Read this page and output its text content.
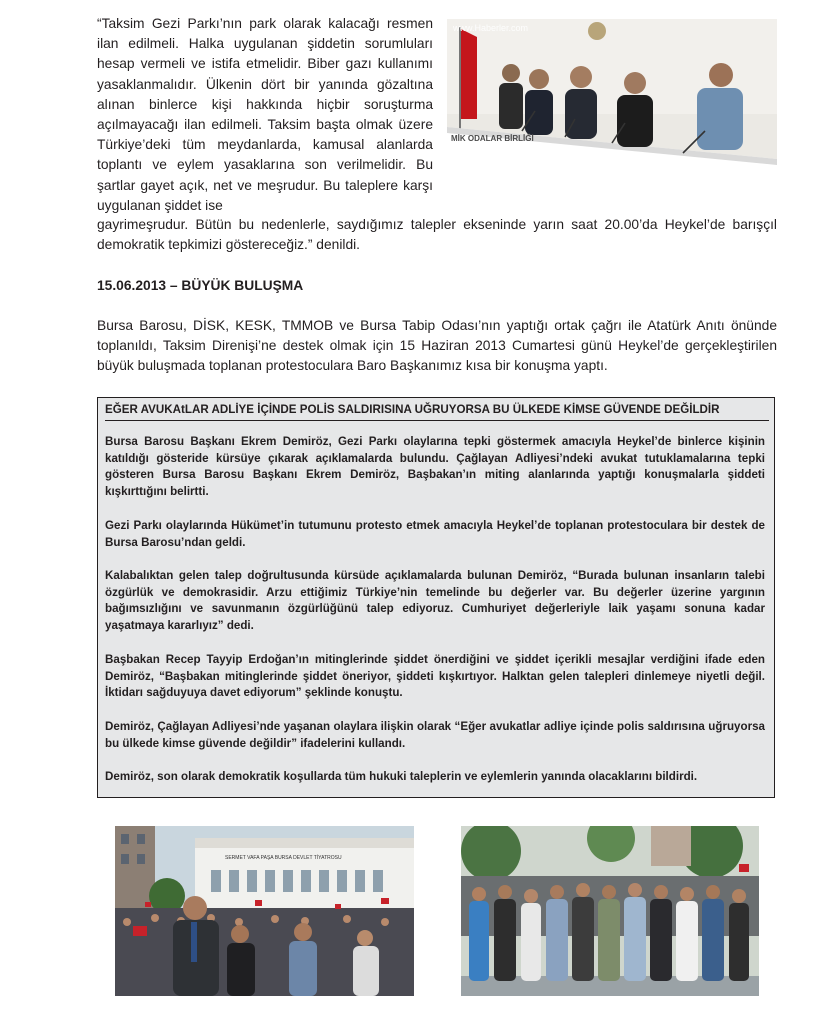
“Taksim Gezi Parkı’nın park olarak kalacağı resmen ilan edilmeli. Halka uygulanan şiddetin sorumluları hesap vermeli ve istifa etmelidir. Biber gazı kullanımı yasaklanmalıdır. Ülkenin dört bir yanında gözaltına alınan binlerce kişi hakkında hiçbir soruşturma açılmayacağı ilan edilmeli. Taksim başta olmak üzere Türkiye’deki tüm meydanlarda, kamusal alanlarda toplantı ve eylem yasaklarına son verilmelidir. Bu şartlar gayet açık, net ve meşrudur. Bu taleplere karşı uygulanan şiddet ise

gayrimeşrudur. Bütün bu nedenlerle, saydığımız talepler ekseninde yarın saat 20.00’da Heykel’de barışçıl demokratik tepkimizi göstereceğiz.” denildi.

MİK ODALAR BİRLİĞİ
www.Haberler.com
(C) CİHAN
15.06.2013 – BÜYÜK BULUŞMA

Bursa Barosu, DİSK, KESK, TMMOB ve Bursa Tabip Odası’nın yaptığı ortak çağrı ile Atatürk Anıtı önünde toplanıldı, Taksim Direnişi’ne destek olmak için 15 Haziran 2013 Cumartesi günü Heykel’de gerçekleştirilen büyük buluşmada toplanan protestoculara Baro Başkanımız kısa bir konuşma yaptı.

EĞER AVUKAtLAR ADLİYE İÇİNDE POLİS SALDIRISINA UĞRUYORSA BU ÜLKEDE KİMSE GÜVENDE DEĞİLDİR

Bursa Barosu Başkanı Ekrem Demiröz, Gezi Parkı olaylarına tepki göstermek amacıyla Heykel’de binlerce kişinin katıldığı gösteride kürsüye çıkarak açıklamalarda bulundu. Çağlayan Adliyesi’ndeki avukat tutuklamalarına tepki gösteren Bursa Barosu Başkanı Ekrem Demiröz, Başbakan’ın miting alanlarında yaptığı konuşmalarla şiddeti kışkırttığını belirtti.

Gezi Parkı olaylarında Hükümet’in tutumunu protesto etmek amacıyla Heykel’de toplanan protestoculara bir destek de Bursa Barosu’ndan geldi.

Kalabalıktan gelen talep doğrultusunda kürsüde açıklamalarda bulunan Demiröz, “Burada bulunan insanların talebi özgürlük ve demokrasidir. Arzu ettiğimiz Türkiye’nin temelinde bu değerler var. Bu değerler üzerine yargının bağımsızlığını ve savunmanın özgürlüğünü talep ediyoruz. Cumhuriyet değerleriyle laik yaşamı sonuna kadar yaşatmaya kararlıyız” dedi.

Başbakan Recep Tayyip Erdoğan’ın mitinglerinde şiddet önerdiğini ve şiddet içerikli mesajlar verdiğini ifade eden Demiröz, “Başbakan mitinglerinde şiddet öneriyor, şiddeti kışkırtıyor. Halktan gelen talepleri dinlemeye niyetli değil. İktidarı sağduyuya davet ediyorum” şeklinde konuştu.

Demiröz, Çağlayan Adliyesi’nde yaşanan olaylara ilişkin olarak “Eğer avukatlar adliye içinde polis saldırısına uğruyorsa bu ülkede kimse güvende değildir” ifadelerini kullandı.

Demiröz, son olarak demokratik koşullarda tüm hukuki taleplerin ve eylemlerin yanında olacaklarını bildirdi.

SERMET VAFA PAŞA BURSA DEVLET TİYATROSU
